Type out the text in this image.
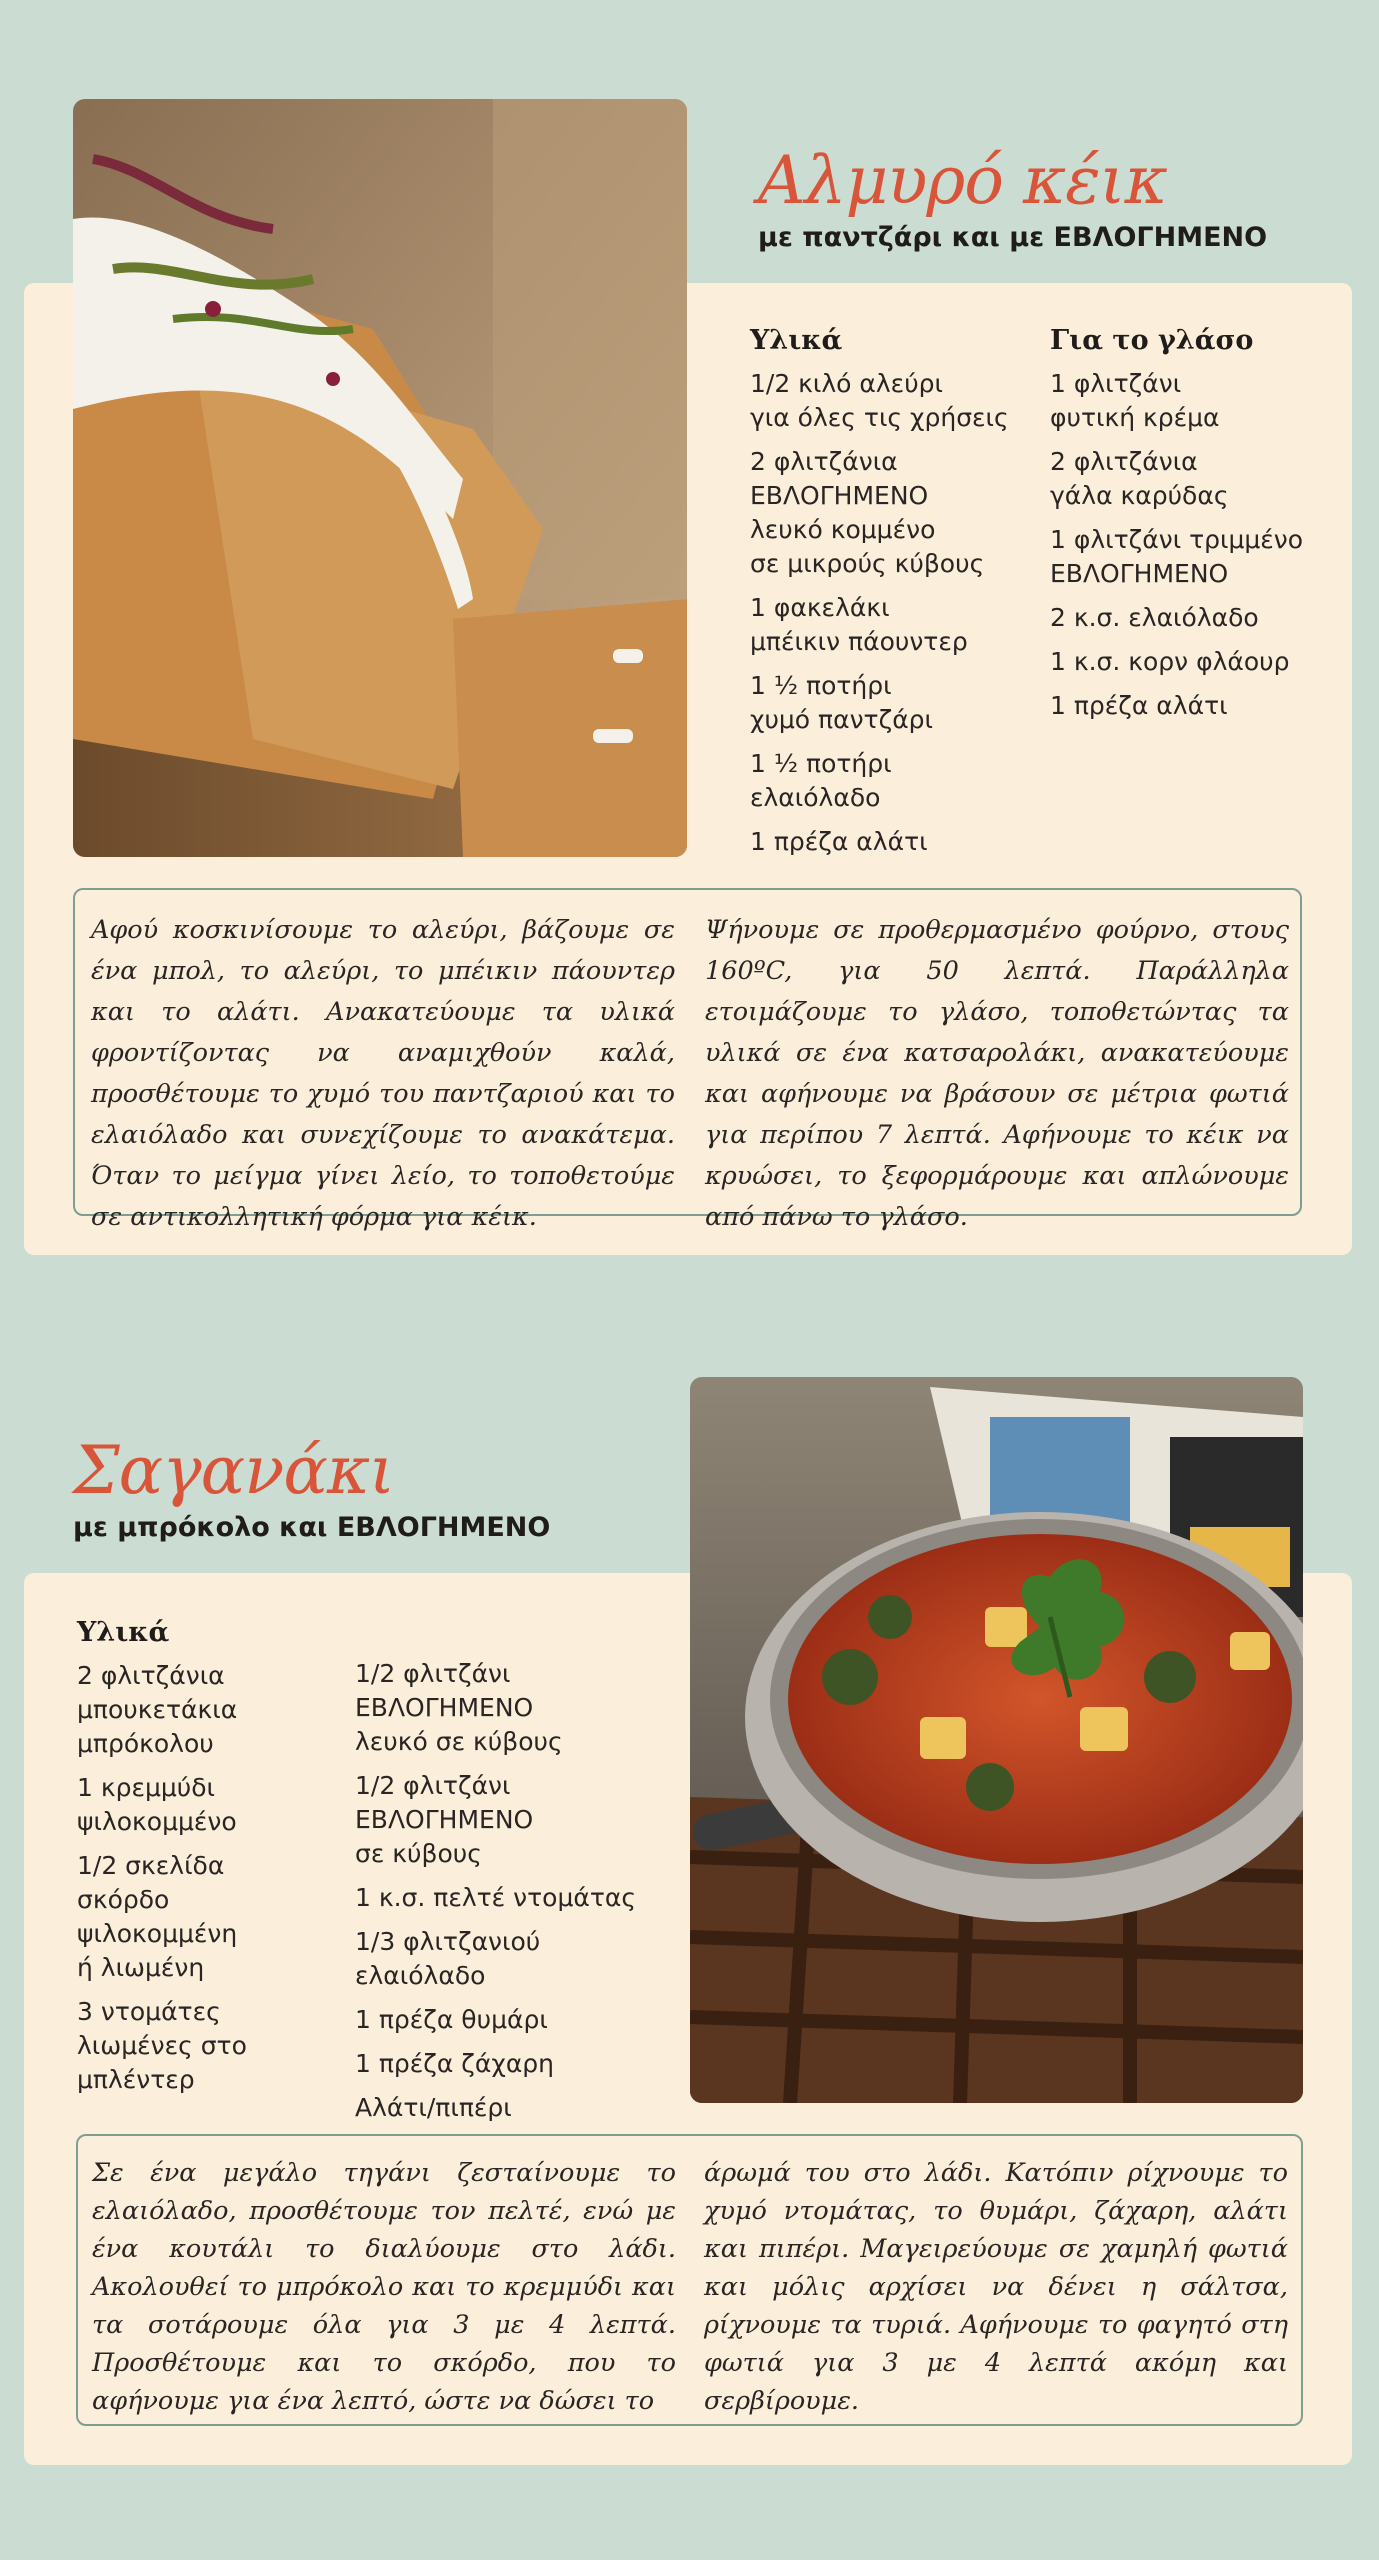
Αλμυρό κέικ
με παντζάρι και με ΕΒΛΟΓΗΜΕΝΟ
Υλικά
1/2 κιλό αλεύρι
για όλες τις χρήσεις
2 φλιτζάνια
ΕΒΛΟΓΗΜΕΝΟ
λευκό κομμένο
σε μικρούς κύβους
1 φακελάκι
μπέικιν πάουντερ
1 ½ ποτήρι
χυμό παντζάρι
1 ½ ποτήρι
ελαιόλαδο
1 πρέζα αλάτι
Για το γλάσο
1 φλιτζάνι
φυτική κρέμα
2 φλιτζάνια
γάλα καρύδας
1 φλιτζάνι τριμμένο
ΕΒΛΟΓΗΜΕΝΟ
2 κ.σ. ελαιόλαδο
1 κ.σ. κορν φλάουρ
1 πρέζα αλάτι

Αφού κοσκινίσουμε το αλεύρι, βάζουμε σε ένα μπολ, το αλεύρι, το μπέικιν πάουντερ και το αλάτι. Ανακατεύουμε τα υλικά φροντίζοντας να αναμιχθούν καλά, προσθέτουμε το χυμό του παντζαριού και το ελαιόλαδο και συνεχίζουμε το ανακάτεμα. Όταν το μείγμα γίνει λείο, το τοποθετούμε σε αντικολλητική φόρμα για κέικ.

Ψήνουμε σε προθερμασμένο φούρνο, στους 160ºC, για 50 λεπτά. Παράλληλα ετοιμάζουμε το γλάσο, τοποθετώντας τα υλικά σε ένα κατσαρολάκι, ανακατεύουμε και αφήνουμε να βράσουν σε μέτρια φωτιά για περίπου 7 λεπτά. Αφήνουμε το κέικ να κρυώσει, το ξεφορμάρουμε και απλώνουμε από πάνω το γλάσο.

Σαγανάκι
με μπρόκολο και ΕΒΛΟΓΗΜΕΝΟ
Υλικά
2 φλιτζάνια
μπουκετάκια
μπρόκολου
1 κρεμμύδι
ψιλοκομμένο
1/2 σκελίδα
σκόρδο
ψιλοκομμένη
ή λιωμένη
3 ντομάτες
λιωμένες στο
μπλέντερ
1/2 φλιτζάνι
ΕΒΛΟΓΗΜΕΝΟ
λευκό σε κύβους
1/2 φλιτζάνι
ΕΒΛΟΓΗΜΕΝΟ
σε κύβους
1 κ.σ. πελτέ ντομάτας
1/3 φλιτζανιού
ελαιόλαδο
1 πρέζα θυμάρι
1 πρέζα ζάχαρη
Αλάτι/πιπέρι

Σε ένα μεγάλο τηγάνι ζεσταίνουμε το ελαιόλαδο, προσθέτουμε τον πελτέ, ενώ με ένα κουτάλι το διαλύουμε στο λάδι. Ακολουθεί το μπρόκολο και το κρεμμύδι και τα σοτάρουμε όλα για 3 με 4 λεπτά. Προσθέτουμε και το σκόρδο, που το αφήνουμε για ένα λεπτό, ώστε να δώσει το

άρωμά του στο λάδι. Κατόπιν ρίχνουμε το χυμό ντομάτας, το θυμάρι, ζάχαρη, αλάτι και πιπέρι. Μαγειρεύουμε σε χαμηλή φωτιά και μόλις αρχίσει να δένει η σάλτσα, ρίχνουμε τα τυριά. Αφήνουμε το φαγητό στη φωτιά για 3 με 4 λεπτά ακόμη και σερβίρουμε.
